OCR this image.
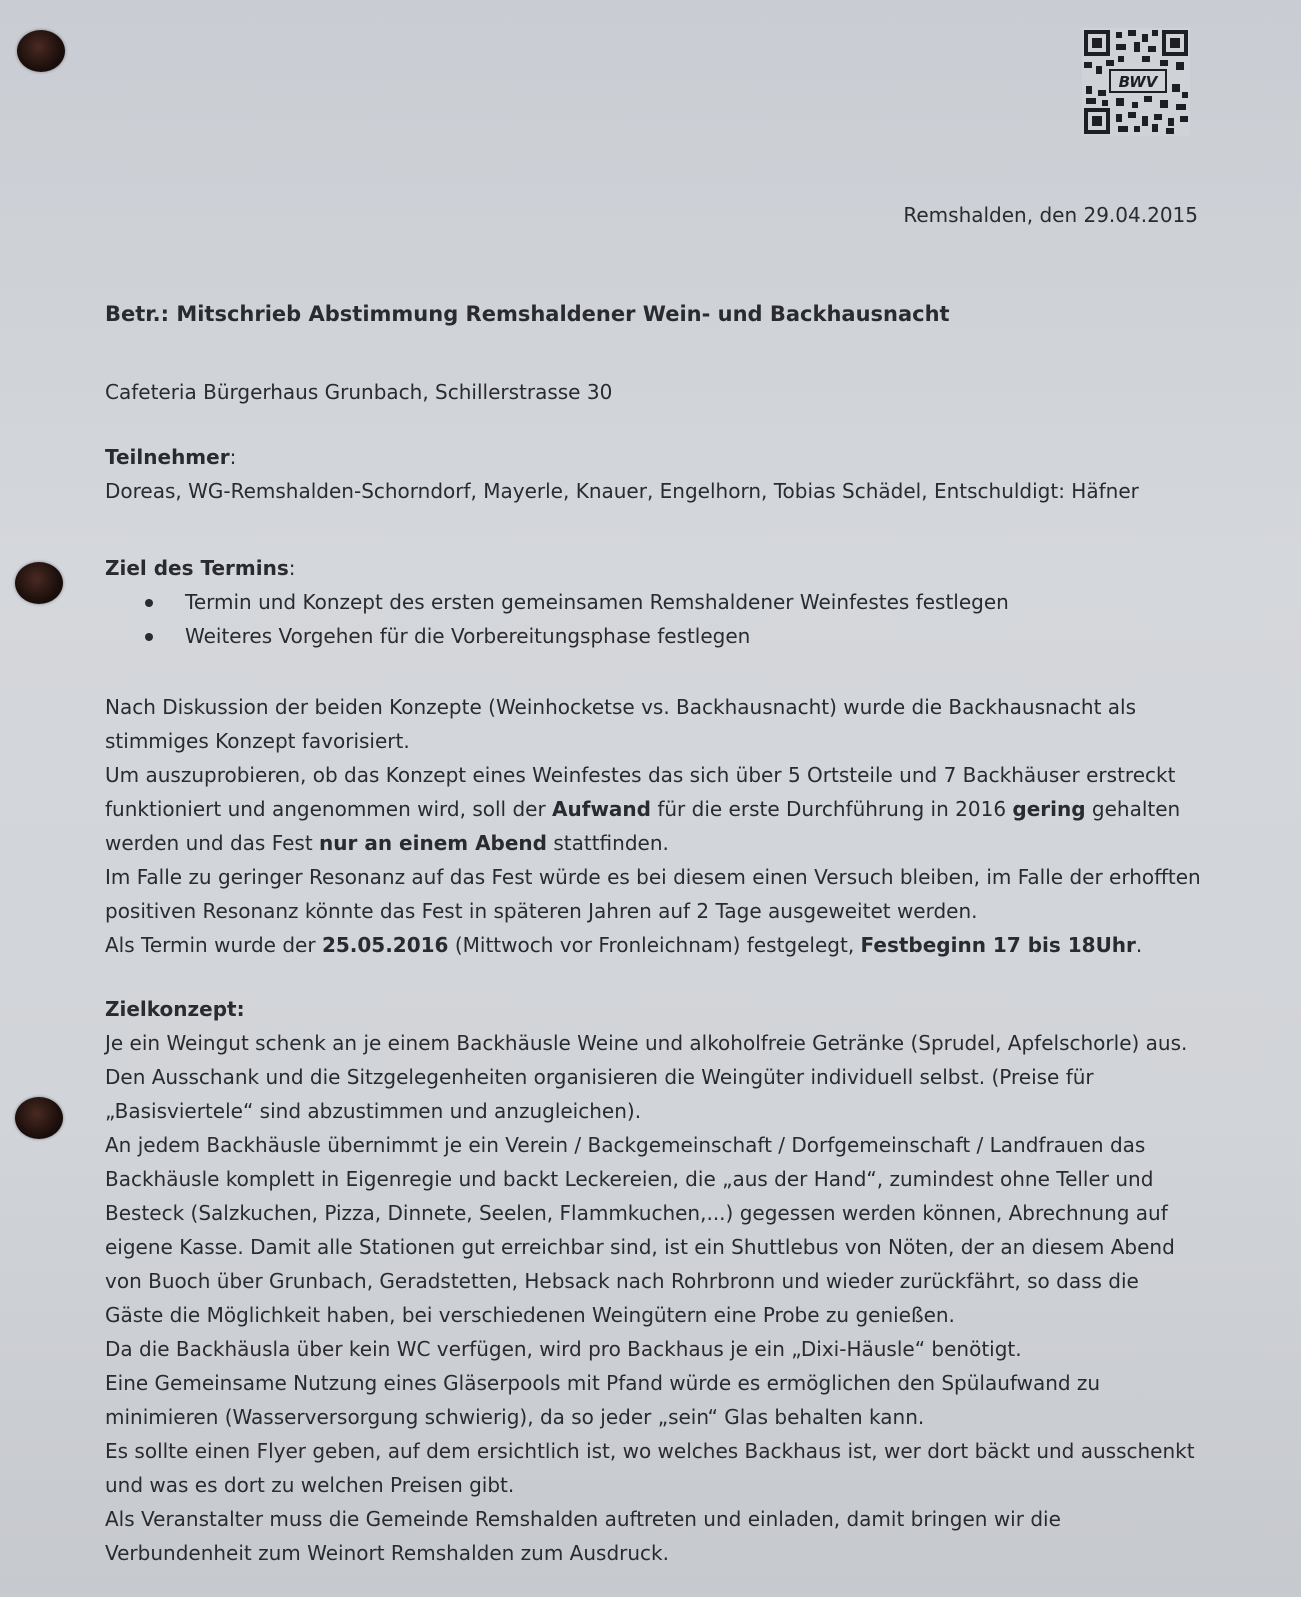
BWV
Remshalden, den 29.04.2015
Betr.: Mitschrieb Abstimmung Remshaldener Wein- und Backhausnacht
Cafeteria Bürgerhaus Grunbach, Schillerstrasse 30
Teilnehmer:
Doreas, WG-Remshalden-Schorndorf, Mayerle, Knauer, Engelhorn, Tobias Schädel, Entschuldigt: Häfner
Ziel des Termins:
Termin und Konzept des ersten gemeinsamen Remshaldener Weinfestes festlegen
Weiteres Vorgehen für die Vorbereitungsphase festlegen
Nach Diskussion der beiden Konzepte (Weinhocketse vs. Backhausnacht) wurde die Backhausnacht als
stimmiges Konzept favorisiert.
Um auszuprobieren, ob das Konzept eines Weinfestes das sich über 5 Ortsteile und 7 Backhäuser erstreckt
funktioniert und angenommen wird, soll der Aufwand für die erste Durchführung in 2016 gering gehalten
werden und das Fest nur an einem Abend stattfinden.
Im Falle zu geringer Resonanz auf das Fest würde es bei diesem einen Versuch bleiben, im Falle der erhofften
positiven Resonanz könnte das Fest in späteren Jahren auf 2 Tage ausgeweitet werden.
Als Termin wurde der 25.05.2016 (Mittwoch vor Fronleichnam) festgelegt, Festbeginn 17 bis 18Uhr.
Zielkonzept:
Je ein Weingut schenk an je einem Backhäusle Weine und alkoholfreie Getränke (Sprudel, Apfelschorle) aus.
Den Ausschank und die Sitzgelegenheiten organisieren die Weingüter individuell selbst. (Preise für
„Basisviertele“ sind abzustimmen und anzugleichen).
An jedem Backhäusle übernimmt je ein Verein / Backgemeinschaft / Dorfgemeinschaft / Landfrauen das
Backhäusle komplett in Eigenregie und backt Leckereien, die „aus der Hand“, zumindest ohne Teller und
Besteck (Salzkuchen, Pizza, Dinnete, Seelen, Flammkuchen,...) gegessen werden können, Abrechnung auf
eigene Kasse. Damit alle Stationen gut erreichbar sind, ist ein Shuttlebus von Nöten, der an diesem Abend
von Buoch über Grunbach, Geradstetten, Hebsack nach Rohrbronn und wieder zurückfährt, so dass die
Gäste die Möglichkeit haben, bei verschiedenen Weingütern eine Probe zu genießen.
Da die Backhäusla über kein WC verfügen, wird pro Backhaus je ein „Dixi-Häusle“ benötigt.
Eine Gemeinsame Nutzung eines Gläserpools mit Pfand würde es ermöglichen den Spülaufwand zu
minimieren (Wasserversorgung schwierig), da so jeder „sein“ Glas behalten kann.
Es sollte einen Flyer geben, auf dem ersichtlich ist, wo welches Backhaus ist, wer dort bäckt und ausschenkt
und was es dort zu welchen Preisen gibt.
Als Veranstalter muss die Gemeinde Remshalden auftreten und einladen, damit bringen wir die
Verbundenheit zum Weinort Remshalden zum Ausdruck.
